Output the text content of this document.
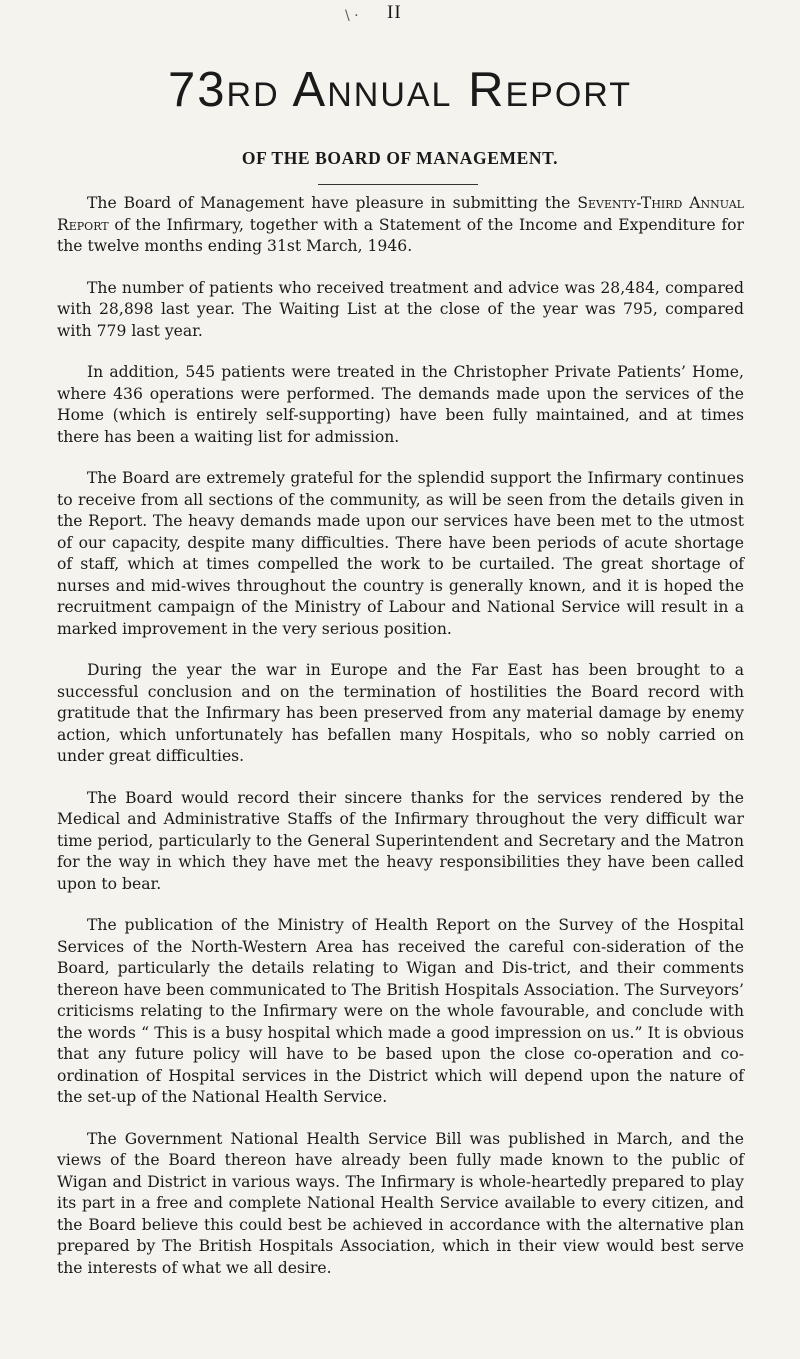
\ · II
73rd Annual Report
OF THE BOARD OF MANAGEMENT.

The Board of Management have pleasure in submitting the Seventy-Third Annual Report of the Infirmary, together with a Statement of the Income and Expenditure for the twelve months ending 31st March, 1946.

The number of patients who received treatment and advice was 28,484, compared with 28,898 last year. The Waiting List at the close of the year was 795, compared with 779 last year.

In addition, 545 patients were treated in the Christopher Private Patients’ Home, where 436 operations were performed. The demands made upon the services of the Home (which is entirely self-supporting) have been fully maintained, and at times there has been a waiting list for admission.

The Board are extremely grateful for the splendid support the Infirmary continues to receive from all sections of the community, as will be seen from the details given in the Report. The heavy demands made upon our services have been met to the utmost of our capacity, despite many difficulties. There have been periods of acute shortage of staff, which at times compelled the work to be curtailed. The great shortage of nurses and mid-wives throughout the country is generally known, and it is hoped the recruitment campaign of the Ministry of Labour and National Service will result in a marked improvement in the very serious position.

During the year the war in Europe and the Far East has been brought to a successful conclusion and on the termination of hostilities the Board record with gratitude that the Infirmary has been preserved from any material damage by enemy action, which unfortunately has befallen many Hospitals, who so nobly carried on under great difficulties.

The Board would record their sincere thanks for the services rendered by the Medical and Administrative Staffs of the Infirmary throughout the very difficult war time period, particularly to the General Superintendent and Secretary and the Matron for the way in which they have met the heavy responsibilities they have been called upon to bear.

The publication of the Ministry of Health Report on the Survey of the Hospital Services of the North-Western Area has received the careful con-sideration of the Board, particularly the details relating to Wigan and Dis-trict, and their comments thereon have been communicated to The British Hospitals Association. The Surveyors’ criticisms relating to the Infirmary were on the whole favourable, and conclude with the words “ This is a busy hospital which made a good impression on us.” It is obvious that any future policy will have to be based upon the close co-operation and co-ordination of Hospital services in the District which will depend upon the nature of the set-up of the National Health Service.

The Government National Health Service Bill was published in March, and the views of the Board thereon have already been fully made known to the public of Wigan and District in various ways. The Infirmary is whole-heartedly prepared to play its part in a free and complete National Health Service available to every citizen, and the Board believe this could best be achieved in accordance with the alternative plan prepared by The British Hospitals Association, which in their view would best serve the interests of what we all desire.
